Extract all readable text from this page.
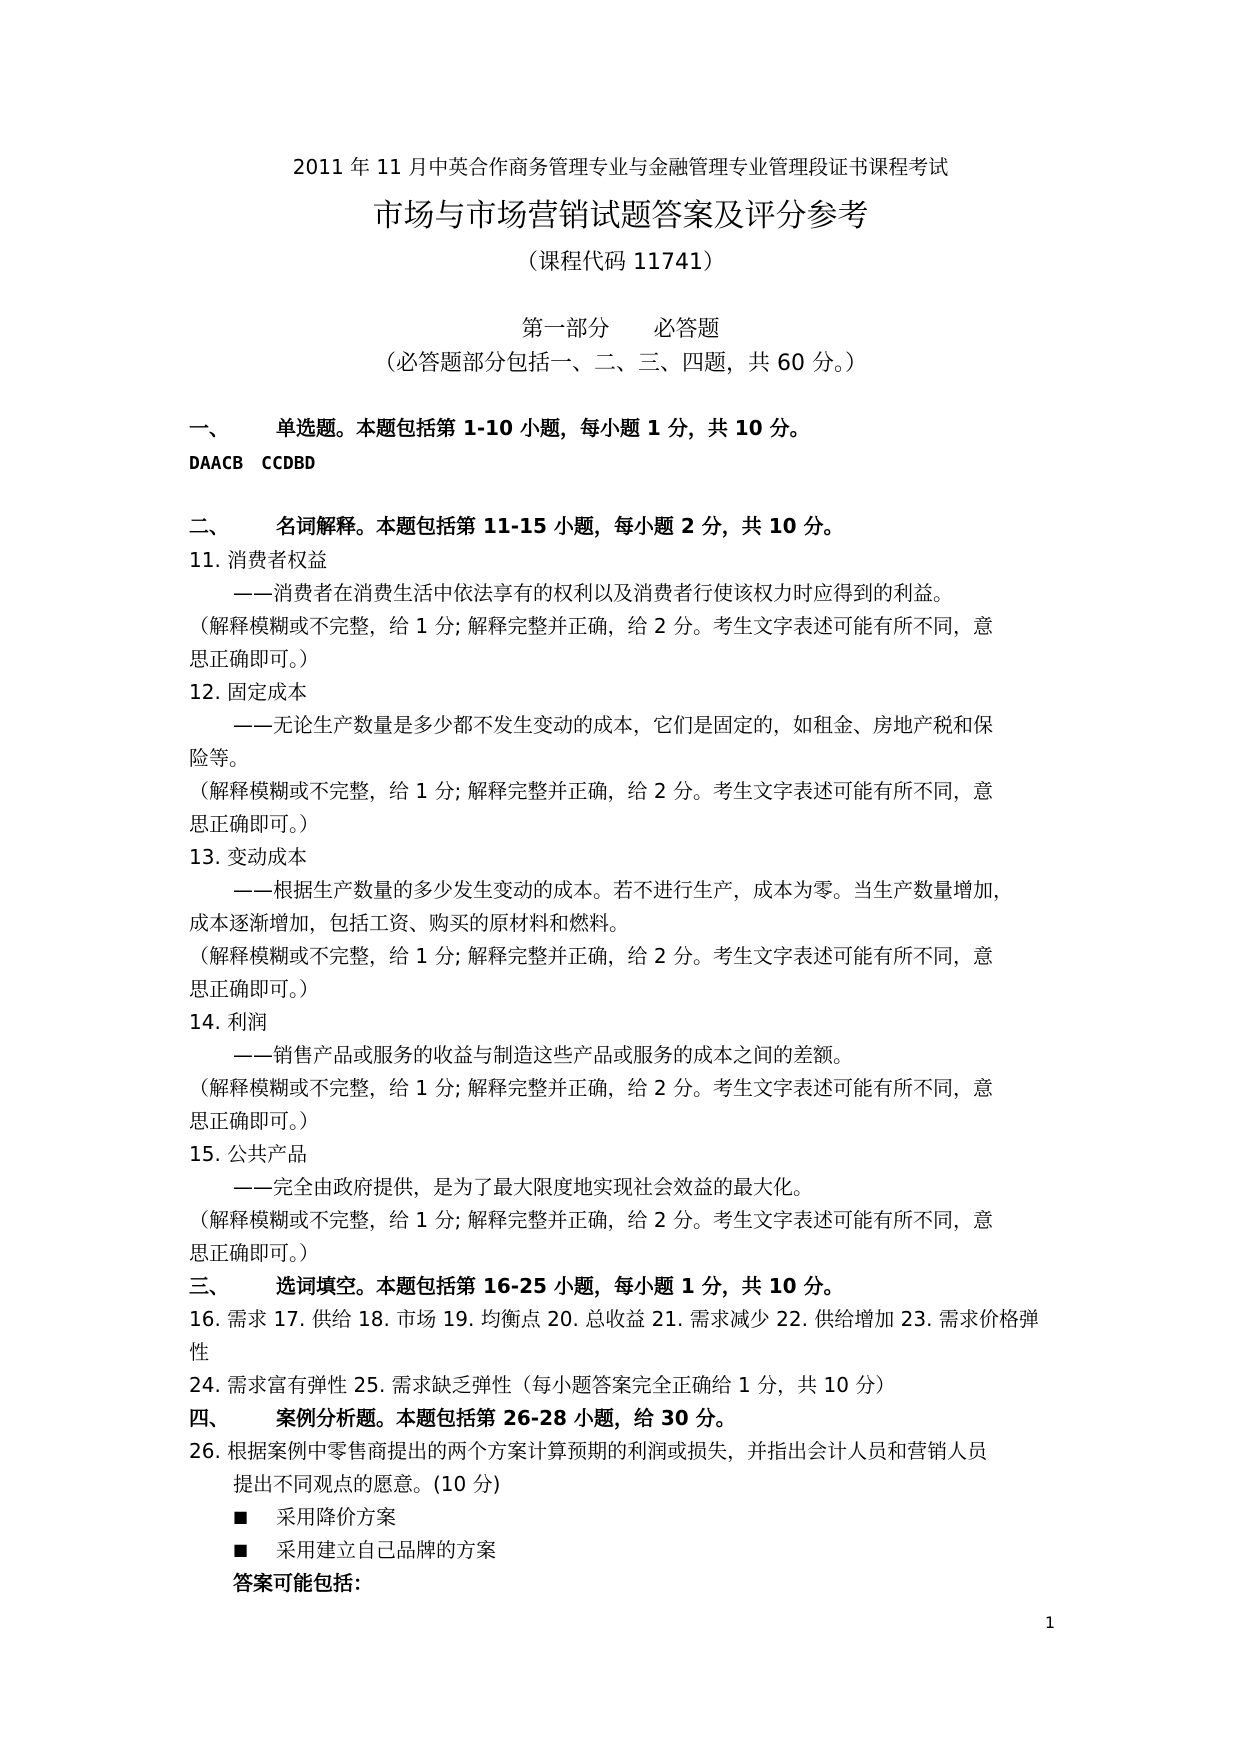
2011 年 11 月中英合作商务管理专业与金融管理专业管理段证书课程考试
市场与市场营销试题答案及评分参考
（课程代码 11741）
第一部分　　必答题
（必答题部分包括一、二、三、四题，共 60 分。）
一、 单选题。本题包括第 1-10 小题，每小题 1 分，共 10 分。
DAACB　CCDBD
二、 名词解释。本题包括第 11-15 小题，每小题 2 分，共 10 分。
11. 消费者权益
——消费者在消费生活中依法享有的权利以及消费者行使该权力时应得到的利益。
（解释模糊或不完整，给 1 分; 解释完整并正确，给 2 分。考生文字表述可能有所不同，意
思正确即可。）
12. 固定成本
——无论生产数量是多少都不发生变动的成本，它们是固定的，如租金、房地产税和保
险等。
（解释模糊或不完整，给 1 分; 解释完整并正确，给 2 分。考生文字表述可能有所不同，意
思正确即可。）
13. 变动成本
——根据生产数量的多少发生变动的成本。若不进行生产，成本为零。当生产数量增加，
成本逐渐增加，包括工资、购买的原材料和燃料。
（解释模糊或不完整，给 1 分; 解释完整并正确，给 2 分。考生文字表述可能有所不同，意
思正确即可。）
14. 利润
——销售产品或服务的收益与制造这些产品或服务的成本之间的差额。
（解释模糊或不完整，给 1 分; 解释完整并正确，给 2 分。考生文字表述可能有所不同，意
思正确即可。）
15. 公共产品
——完全由政府提供，是为了最大限度地实现社会效益的最大化。
（解释模糊或不完整，给 1 分; 解释完整并正确，给 2 分。考生文字表述可能有所不同，意
思正确即可。）
三、 选词填空。本题包括第 16-25 小题，每小题 1 分，共 10 分。
16. 需求 17. 供给 18. 市场 19. 均衡点 20. 总收益 21. 需求减少 22. 供给增加 23. 需求价格弹
性
24. 需求富有弹性 25. 需求缺乏弹性（每小题答案完全正确给 1 分，共 10 分）
四、 案例分析题。本题包括第 26-28 小题，给 30 分。
26. 根据案例中零售商提出的两个方案计算预期的利润或损失，并指出会计人员和营销人员
提出不同观点的愿意。(10 分)
■ 采用降价方案
■ 采用建立自己品牌的方案
答案可能包括：
1
